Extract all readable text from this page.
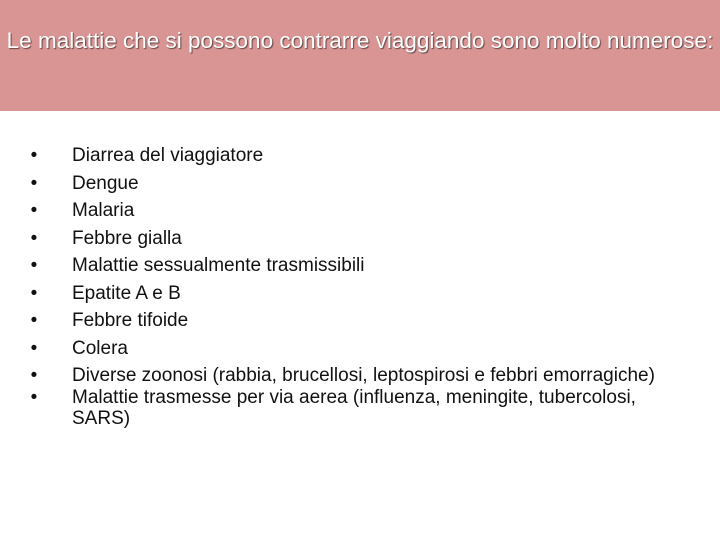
Le malattie che si possono contrarre viaggiando sono molto numerose:
• Diarrea del viaggiatore
• Dengue
• Malaria
• Febbre gialla
• Malattie sessualmente trasmissibili
• Epatite A e B
• Febbre tifoide
• Colera
• Diverse zoonosi (rabbia, brucellosi, leptospirosi e febbri emorragiche)
• Malattie trasmesse per via aerea (influenza, meningite, tubercolosi, SARS)
